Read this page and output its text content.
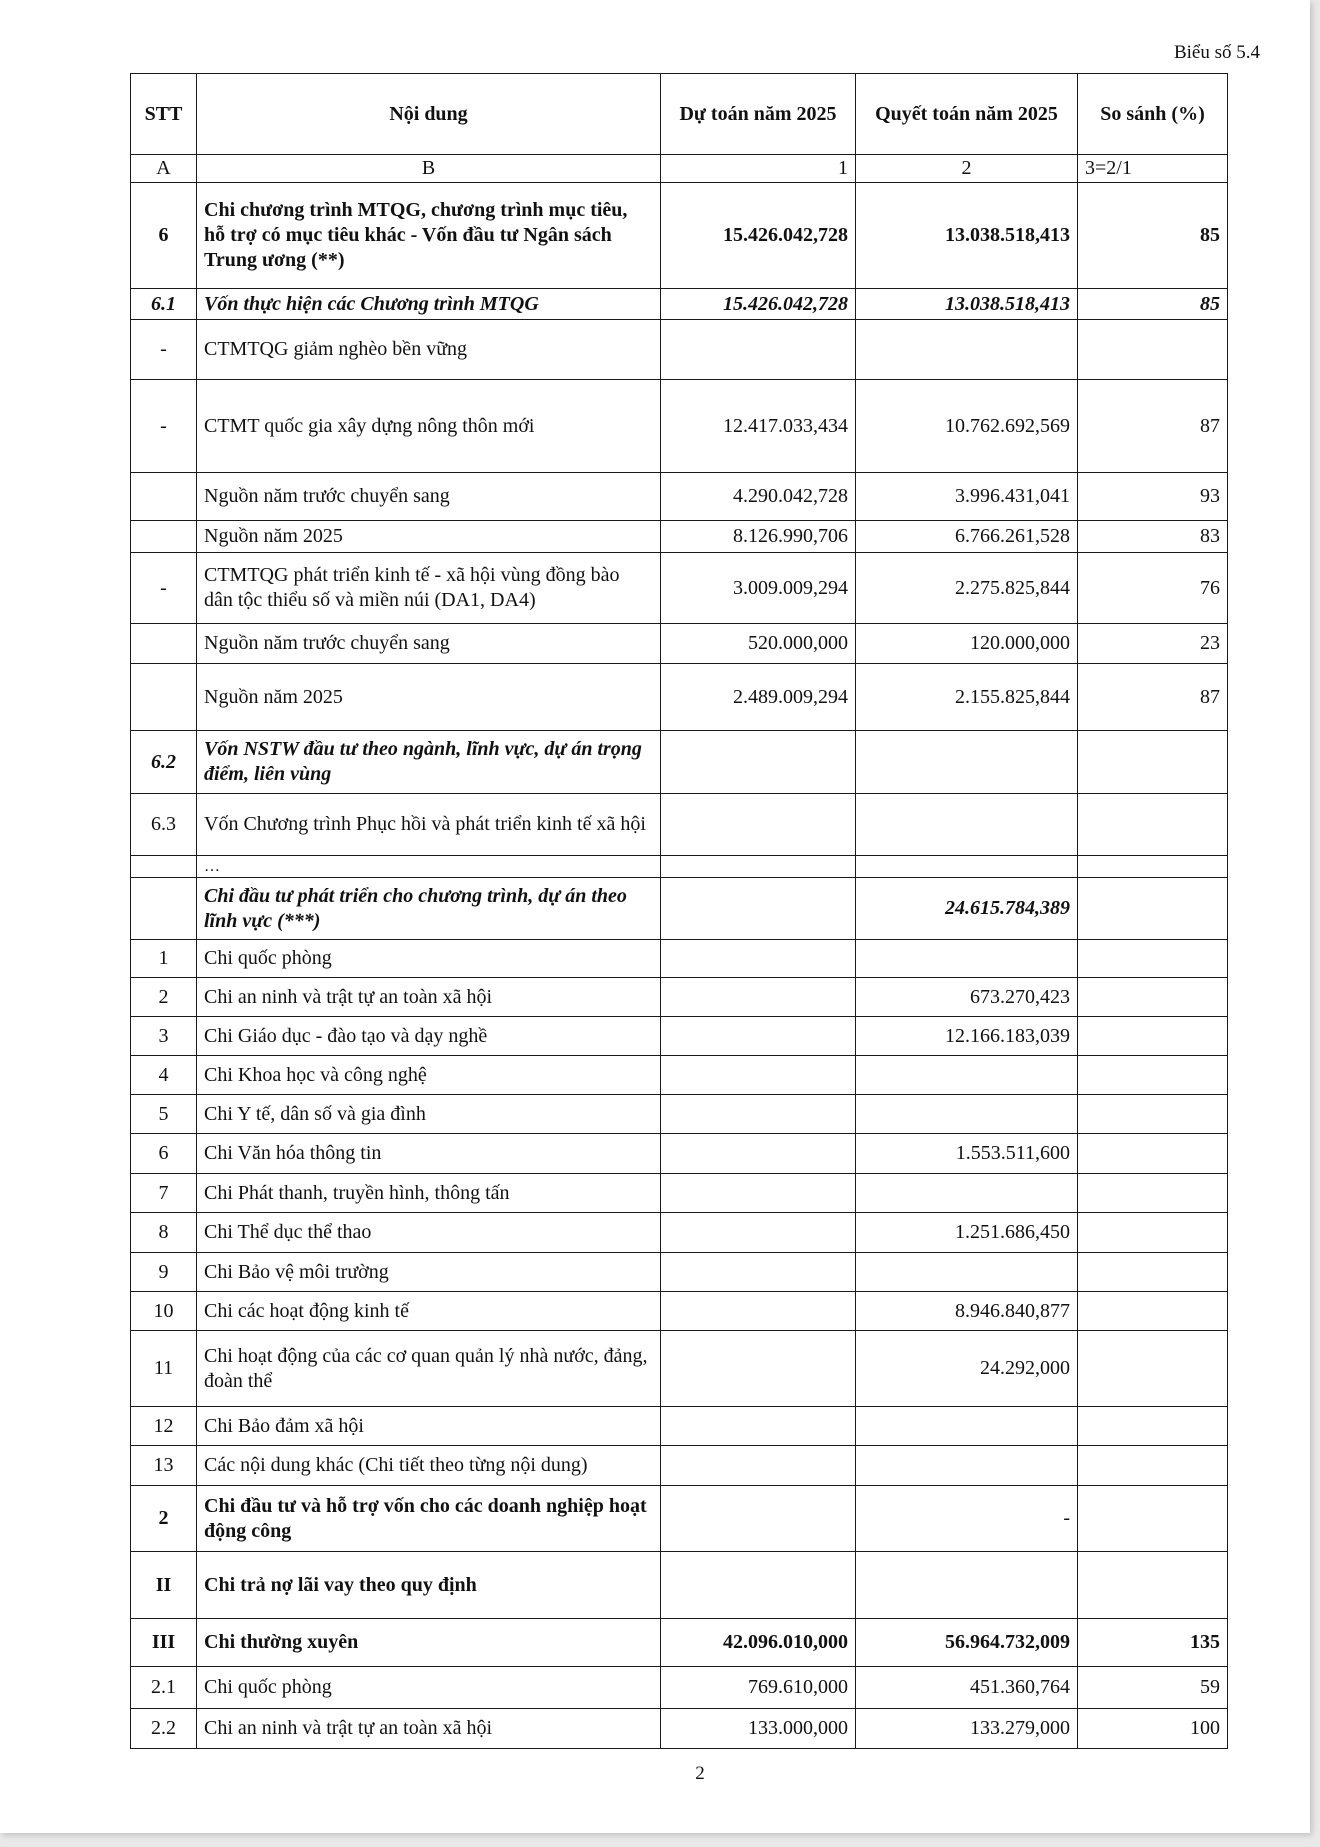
Biểu số 5.4
STT	Nội dung	Dự toán năm 2025	Quyết toán năm 2025	So sánh (%)
A	B	1	2	3=2/1
6	Chi chương trình MTQG, chương trình mục tiêu, hỗ trợ có mục tiêu khác - Vốn đầu tư Ngân sách Trung ương (**)	15.426.042,728	13.038.518,413	85
6.1	Vốn thực hiện các Chương trình MTQG	15.426.042,728	13.038.518,413	85
-	CTMTQG giảm nghèo bền vững			
-	CTMT quốc gia xây dựng nông thôn mới	12.417.033,434	10.762.692,569	87
	Nguồn năm trước chuyển sang	4.290.042,728	3.996.431,041	93
	Nguồn năm 2025	8.126.990,706	6.766.261,528	83
-	CTMTQG phát triển kinh tế - xã hội vùng đồng bào dân tộc thiểu số và miền núi (DA1, DA4)	3.009.009,294	2.275.825,844	76
	Nguồn năm trước chuyển sang	520.000,000	120.000,000	23
	Nguồn năm 2025	2.489.009,294	2.155.825,844	87
6.2	Vốn NSTW đầu tư theo ngành, lĩnh vực, dự án trọng điểm, liên vùng			
6.3	Vốn Chương trình Phục hồi và phát triển kinh tế xã hội			
	…			
	Chi đầu tư phát triển cho chương trình, dự án theo lĩnh vực (***)		24.615.784,389	
1	Chi quốc phòng			
2	Chi an ninh và trật tự an toàn xã hội		673.270,423	
3	Chi Giáo dục - đào tạo và dạy nghề		12.166.183,039	
4	Chi Khoa học và công nghệ			
5	Chi Y tế, dân số và gia đình			
6	Chi Văn hóa thông tin		1.553.511,600	
7	Chi Phát thanh, truyền hình, thông tấn			
8	Chi Thể dục thể thao		1.251.686,450	
9	Chi Bảo vệ môi trường			
10	Chi các hoạt động kinh tế		8.946.840,877	
11	Chi hoạt động của các cơ quan quản lý nhà nước, đảng, đoàn thể		24.292,000	
12	Chi Bảo đảm xã hội			
13	Các nội dung khác (Chi tiết theo từng nội dung)			
2	Chi đầu tư và hỗ trợ vốn cho các doanh nghiệp hoạt động công		-	
II	Chi trả nợ lãi vay theo quy định			
III	Chi thường xuyên	42.096.010,000	56.964.732,009	135
2.1	Chi quốc phòng	769.610,000	451.360,764	59
2.2	Chi an ninh và trật tự an toàn xã hội	133.000,000	133.279,000	100
2
